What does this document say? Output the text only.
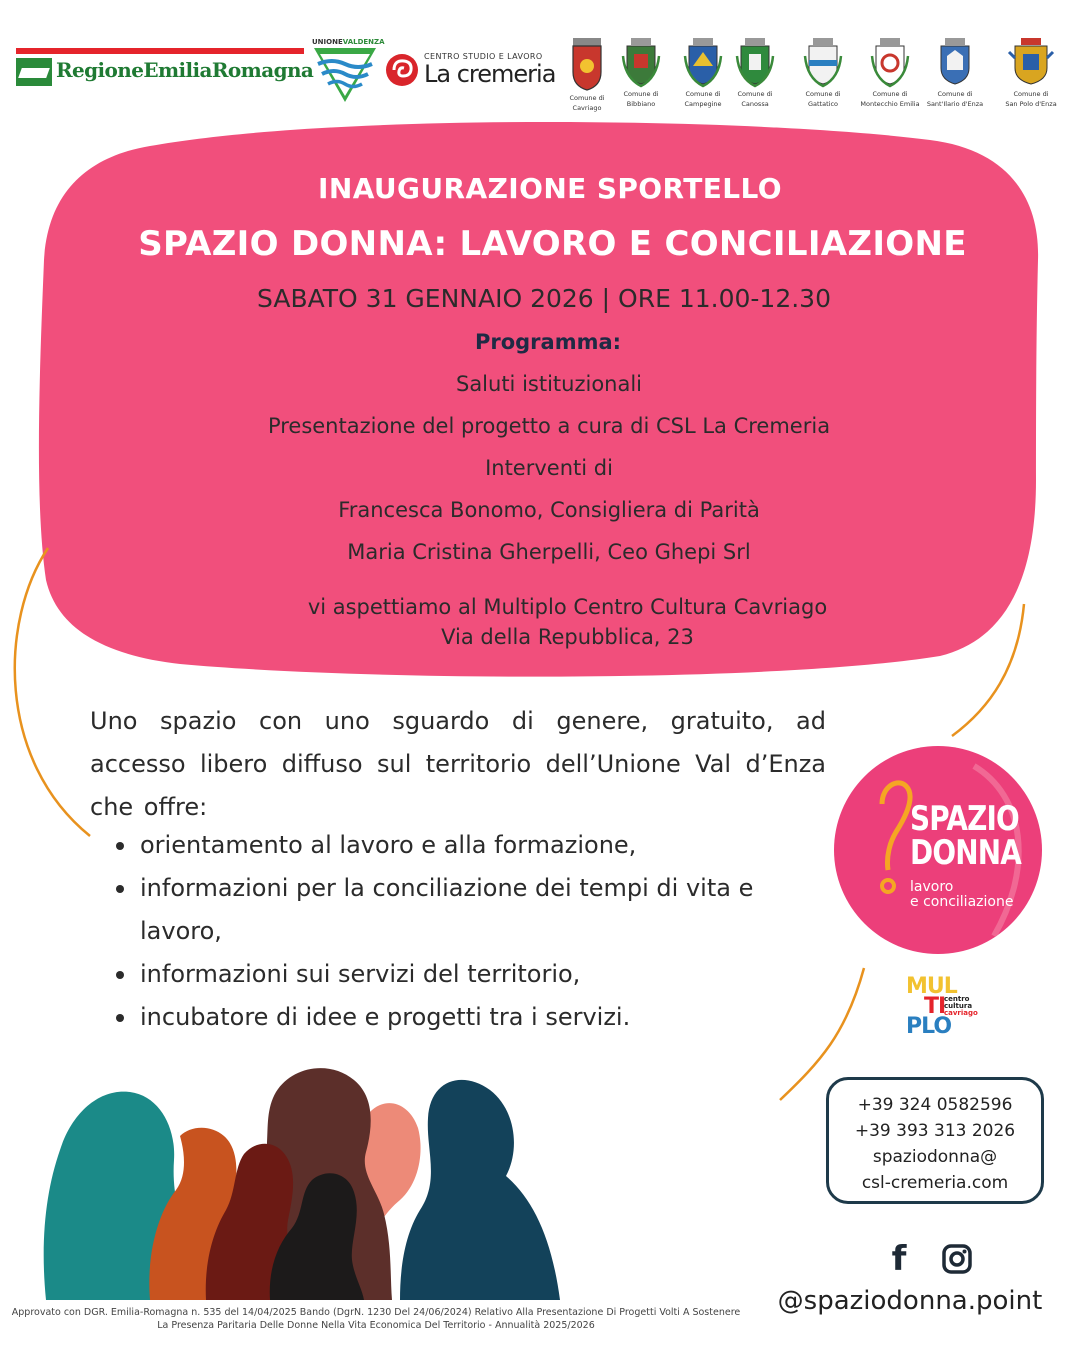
RegioneEmiliaRomagna
UNIONEVALDENZA
CENTRO STUDIO E LAVORO
La cremeria
Comune di
Cavriago
Comune di
Bibbiano
Comune di
Campegine
Comune di
Canossa
Comune di
Gattatico
Comune di
Montecchio Emilia
Comune di
Sant'Ilario d'Enza
Comune di
San Polo d'Enza
INAUGURAZIONE SPORTELLO
SPAZIO DONNA: LAVORO E CONCILIAZIONE
SABATO 31 GENNAIO 2026 | ORE 11.00-12.30
Programma:
Saluti istituzionali
Presentazione del progetto a cura di CSL La Cremeria
Interventi di
Francesca Bonomo, Consigliera di Parità
Maria Cristina Gherpelli, Ceo Ghepi Srl
vi aspettiamo al Multiplo Centro Cultura Cavriago
Via della Repubblica, 23
Uno spazio con uno sguardo di genere, gratuito, ad accesso libero diffuso sul territorio dell’Unione Val d’Enza che offre:
orientamento al lavoro e alla formazione,
informazioni per la conciliazione dei tempi di vita e lavoro,
informazioni sui servizi del territorio,
incubatore di idee e progetti tra i servizi.
SPAZIO
DONNA
lavoro
e conciliazione
MUL
TI
PLO
centro
cultura
cavriago
+39 324 0582596
+39 393 313 2026
spaziodonna@
csl-cremeria.com
f
@spaziodonna.point
Approvato con DGR. Emilia-Romagna n. 535 del 14/04/2025 Bando (DgrN. 1230 Del 24/06/2024) Relativo Alla Presentazione Di Progetti Volti A Sostenere
La Presenza Paritaria Delle Donne Nella Vita Economica Del Territorio - Annualità 2025/2026
